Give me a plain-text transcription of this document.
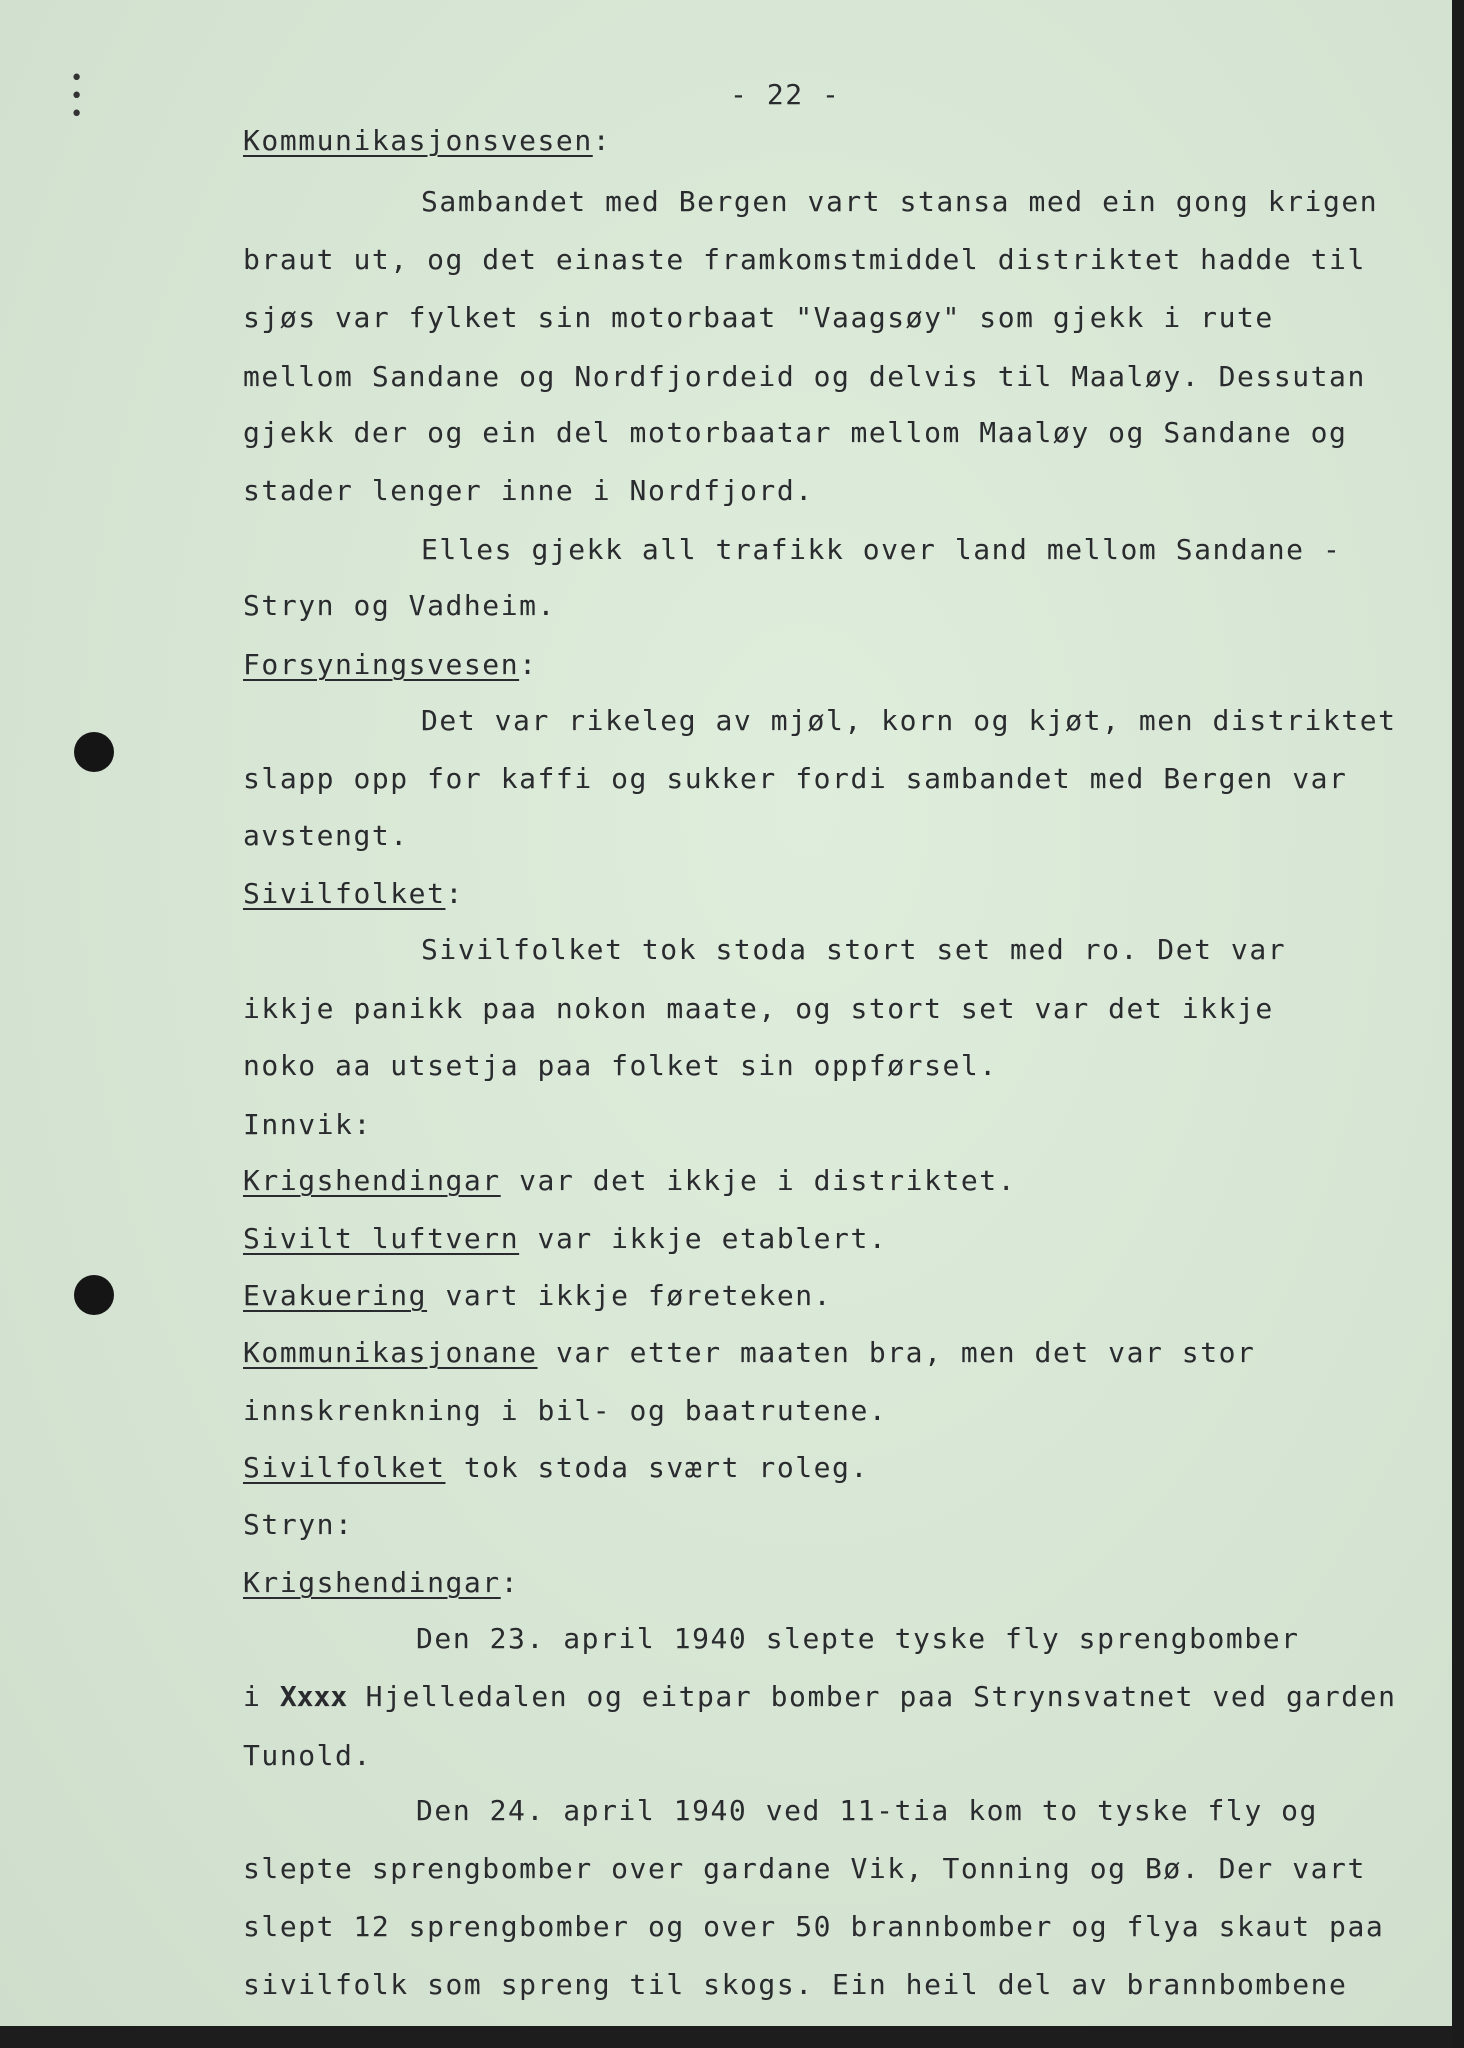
•
•
•
- 22 -
Kommunikasjonsvesen:
Sambandet med Bergen vart stansa med ein gong krigen
braut ut, og det einaste framkomstmiddel distriktet hadde til
sjøs var fylket sin motorbaat "Vaagsøy" som gjekk i rute
mellom Sandane og Nordfjordeid og delvis til Maaløy. Dessutan
gjekk der og ein del motorbaatar mellom Maaløy og Sandane og
stader lenger inne i Nordfjord.
Elles gjekk all trafikk over land mellom Sandane -
Stryn og Vadheim.
Forsyningsvesen:
Det var rikeleg av mjøl, korn og kjøt, men distriktet
slapp opp for kaffi og sukker fordi sambandet med Bergen var
avstengt.
Sivilfolket:
Sivilfolket tok stoda stort set med ro. Det var
ikkje panikk paa nokon maate, og stort set var det ikkje
noko aa utsetja paa folket sin oppførsel.
Innvik:
Krigshendingar var det ikkje i distriktet.
Sivilt luftvern var ikkje etablert.
Evakuering vart ikkje føreteken.
Kommunikasjonane var etter maaten bra, men det var stor
innskrenkning i bil- og baatrutene.
Sivilfolket tok stoda svært roleg.
Stryn:
Krigshendingar:
Den 23. april 1940 slepte tyske fly sprengbomber
i Xxxx Hjelledalen og eitpar bomber paa Strynsvatnet ved garden
Tunold.
Den 24. april 1940 ved 11-tia kom to tyske fly og
slepte sprengbomber over gardane Vik, Tonning og Bø. Der vart
slept 12 sprengbomber og over 50 brannbomber og flya skaut paa
sivilfolk som spreng til skogs. Ein heil del av brannbombene
